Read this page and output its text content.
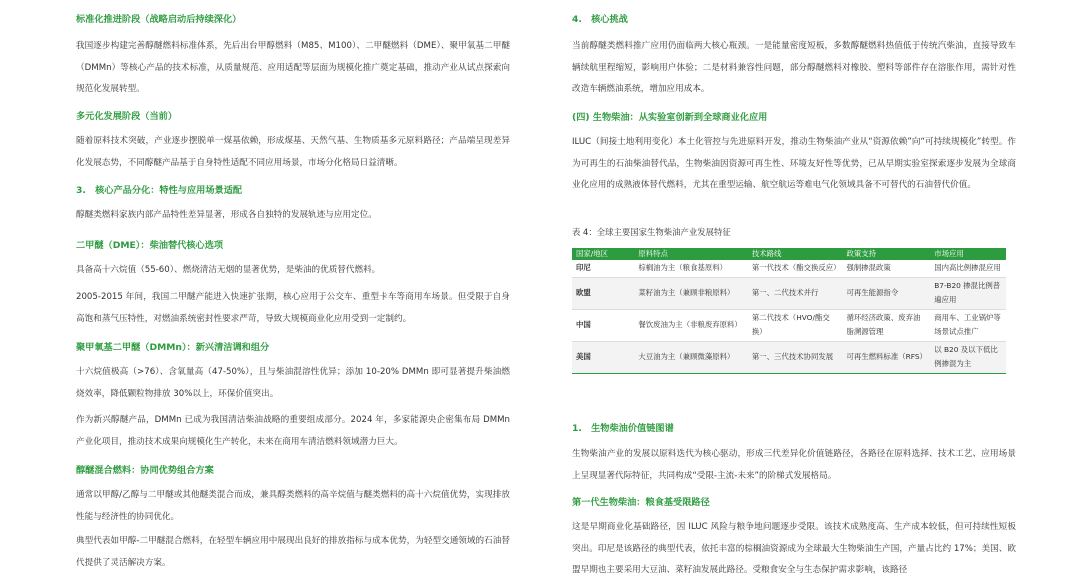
标准化推进阶段（战略启动后持续深化）

我国逐步构建完善醇醚燃料标准体系，先后出台甲醇燃料（M85、M100）、二甲醚燃料（DME）、聚甲氧基二甲醚（DMMn）等核心产品的技术标准，从质量规范、应用适配等层面为规模化推广奠定基础，推动产业从试点探索向规范化发展转型。

多元化发展阶段（当前）

随着原料技术突破，产业逐步摆脱单一煤基依赖，形成煤基、天然气基、生物质基多元原料路径；产品端呈现差异化发展态势，不同醇醚产品基于自身特性适配不同应用场景，市场分化格局日益清晰。

3.　核心产品分化：特性与应用场景适配

醇醚类燃料家族内部产品特性差异显著，形成各自独特的发展轨迹与应用定位。

二甲醚（DME）：柴油替代核心选项

具备高十六烷值（55-60）、燃烧清洁无烟的显著优势，是柴油的优质替代燃料。

2005-2015 年间，我国二甲醚产能进入快速扩张期，核心应用于公交车、重型卡车等商用车场景。但受限于自身高饱和蒸气压特性，对燃油系统密封性要求严苛，导致大规模商业化应用受到一定制约。

聚甲氧基二甲醚（DMMn）：新兴清洁调和组分

十六烷值极高（>76）、含氧量高（47-50%），且与柴油混溶性优异；添加 10-20% DMMn 即可显著提升柴油燃烧效率，降低颗粒物排放 30%以上，环保价值突出。

作为新兴醇醚产品，DMMn 已成为我国清洁柴油战略的重要组成部分。2024 年，多家能源央企密集布局 DMMn 产业化项目，推动技术成果向规模化生产转化，未来在商用车清洁燃料领域潜力巨大。

醇醚混合燃料：协同优势组合方案

通常以甲醇/乙醇与二甲醚或其他醚类混合而成，兼具醇类燃料的高辛烷值与醚类燃料的高十六烷值优势，实现排放性能与经济性的协同优化。

典型代表如甲醇-二甲醚混合燃料，在轻型车辆应用中展现出良好的排放指标与成本优势，为轻型交通领域的石油替代提供了灵活解决方案。

4.　核心挑战

当前醇醚类燃料推广应用仍面临两大核心瓶颈。一是能量密度短板，多数醇醚燃料热值低于传统汽柴油，直接导致车辆续航里程缩短，影响用户体验；二是材料兼容性问题，部分醇醚燃料对橡胶、塑料等部件存在溶胀作用，需针对性改造车辆燃油系统，增加应用成本。

(四) 生物柴油：从实验室创新到全球商业化应用

ILUC（间接土地利用变化）本土化管控与先进原料开发，推动生物柴油产业从“资源依赖”向“可持续规模化”转型。作为可再生的石油柴油替代品，生物柴油因资源可再生性、环境友好性等优势，已从早期实验室探索逐步发展为全球商业化应用的成熟液体替代燃料，尤其在重型运输、航空航运等难电气化领域具备不可替代的石油替代价值。

表 4：全球主要国家生物柴油产业发展特征

国家/地区	原料特点	技术路线	政策支持	市场应用
印尼	棕榈油为主（粮食基原料）	第一代技术（酯交换反应）	强制掺混政策	国内高比例掺混应用
欧盟	菜籽油为主（兼顾非粮原料）	第一、二代技术并行	可再生能源指令	B7-B20 掺混比例普遍应用
中国	餐饮废油为主（非粮废弃原料）	第二代技术（HVO/酯交换）	循环经济政策、废弃油脂溯源管理	商用车、工业锅炉等场景试点推广
美国	大豆油为主（兼顾微藻原料）	第一、三代技术协同发展	可再生燃料标准（RFS）	以 B20 及以下低比例掺混为主
1.　生物柴油价值链图谱

生物柴油产业的发展以原料迭代为核心驱动，形成三代差异化价值链路径，各路径在原料选择、技术工艺、应用场景上呈现显著代际特征，共同构成“受限-主流-未来”的阶梯式发展格局。

第一代生物柴油：粮食基受限路径

这是早期商业化基础路径，因 ILUC 风险与粮争地问题逐步受限。该技术成熟度高、生产成本较低，但可持续性短板突出。印尼是该路径的典型代表，依托丰富的棕榈油资源成为全球最大生物柴油生产国，产量占比约 17%；美国、欧盟早期也主要采用大豆油、菜籽油发展此路径。受粮食安全与生态保护需求影响，该路径
